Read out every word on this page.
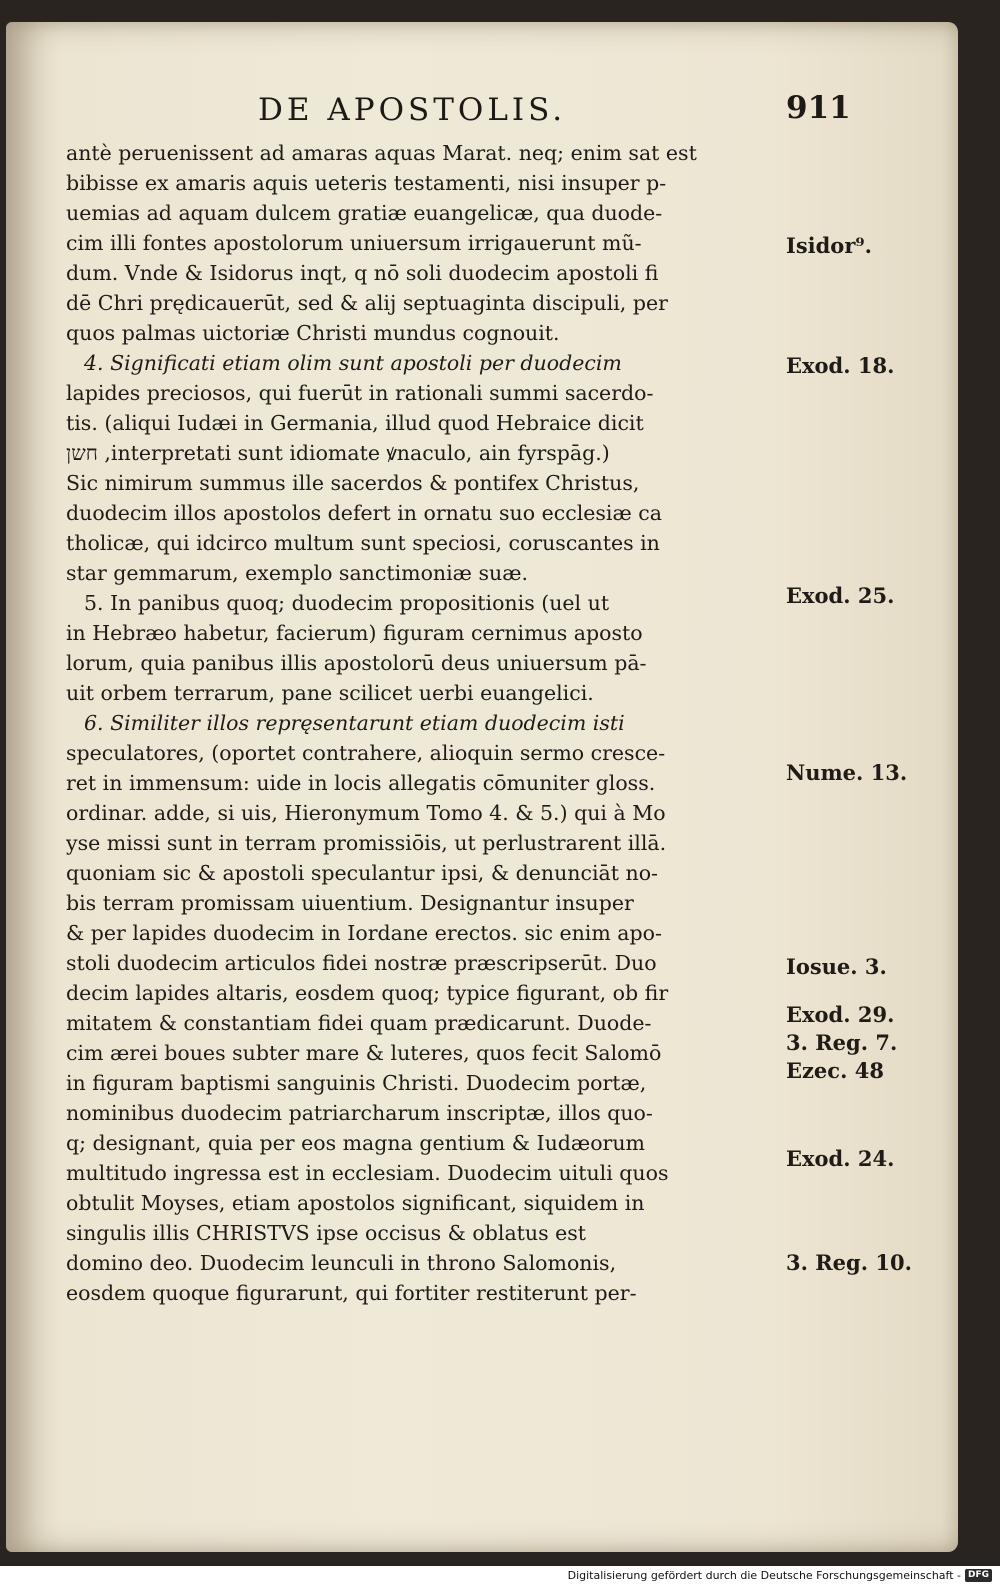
DE APOSTOLIS.	911
antè peruenissent ad amaras aquas Marat. neq; enim sat est
bibisse ex amaris aquis ueteris testamenti, nisi insuper p-
uemias ad aquam dulcem gratiæ euangelicæ, qua duode-
cim illi fontes apostolorum uniuersum irrigauerunt mũ-
dum. Vnde & Isidorus inqt, q nō soli duodecim apostoli fi
dē Chri prędicauerūt, sed & alij septuaginta discipuli, per
quos palmas uictoriæ Christi mundus cognouit.
4. Significati etiam olim sunt apostoli per duodecim
lapides preciosos, qui fuerūt in rationali summi sacerdo-
tis. (aliqui Iudæi in Germania, illud quod Hebraice dicit
חשן ,interpretati sunt idiomate ꝟnaculo, ain fyrspāg.)
Sic nimirum summus ille sacerdos & pontifex Christus,
duodecim illos apostolos defert in ornatu suo ecclesiæ ca
tholicæ, qui idcirco multum sunt speciosi, coruscantes in
star gemmarum, exemplo sanctimoniæ suæ.
5. In panibus quoq; duodecim propositionis (uel ut
in Hebræo habetur, facierum) figuram cernimus aposto
lorum, quia panibus illis apostolorū deus uniuersum pā-
uit orbem terrarum, pane scilicet uerbi euangelici.
6. Similiter illos repręsentarunt etiam duodecim isti
speculatores, (oportet contrahere, alioquin sermo cresce-
ret in immensum: uide in locis allegatis cōmuniter gloss.
ordinar. adde, si uis, Hieronymum Tomo 4. & 5.) qui à Mo
yse missi sunt in terram promissiōis, ut perlustrarent illā.
quoniam sic & apostoli speculantur ipsi, & denunciāt no-
bis terram promissam uiuentium. Designantur insuper
& per lapides duodecim in Iordane erectos. sic enim apo-
stoli duodecim articulos fidei nostræ præscripserūt. Duo
decim lapides altaris, eosdem quoq; typice figurant, ob fir
mitatem & constantiam fidei quam prædicarunt. Duode-
cim ærei boues subter mare & luteres, quos fecit Salomō
in figuram baptismi sanguinis Christi. Duodecim portæ,
nominibus duodecim patriarcharum inscriptæ, illos quo-
q; designant, quia per eos magna gentium & Iudæorum
multitudo ingressa est in ecclesiam. Duodecim uituli quos
obtulit Moyses, etiam apostolos significant, siquidem in
singulis illis CHRISTVS ipse occisus & oblatus est
domino deo. Duodecim leunculi in throno Salomonis,
eosdem quoque figurarunt, qui fortiter restiterunt per-
Isidor⁹.
Exod. 18.
Exod. 25.
Nume. 13.
Iosue. 3.
Exod. 29.
3. Reg. 7.
Ezec. 48
Exod. 24.
3. Reg. 10.
Digitalisierung gefördert durch die Deutsche Forschungsgemeinschaft - DFG
